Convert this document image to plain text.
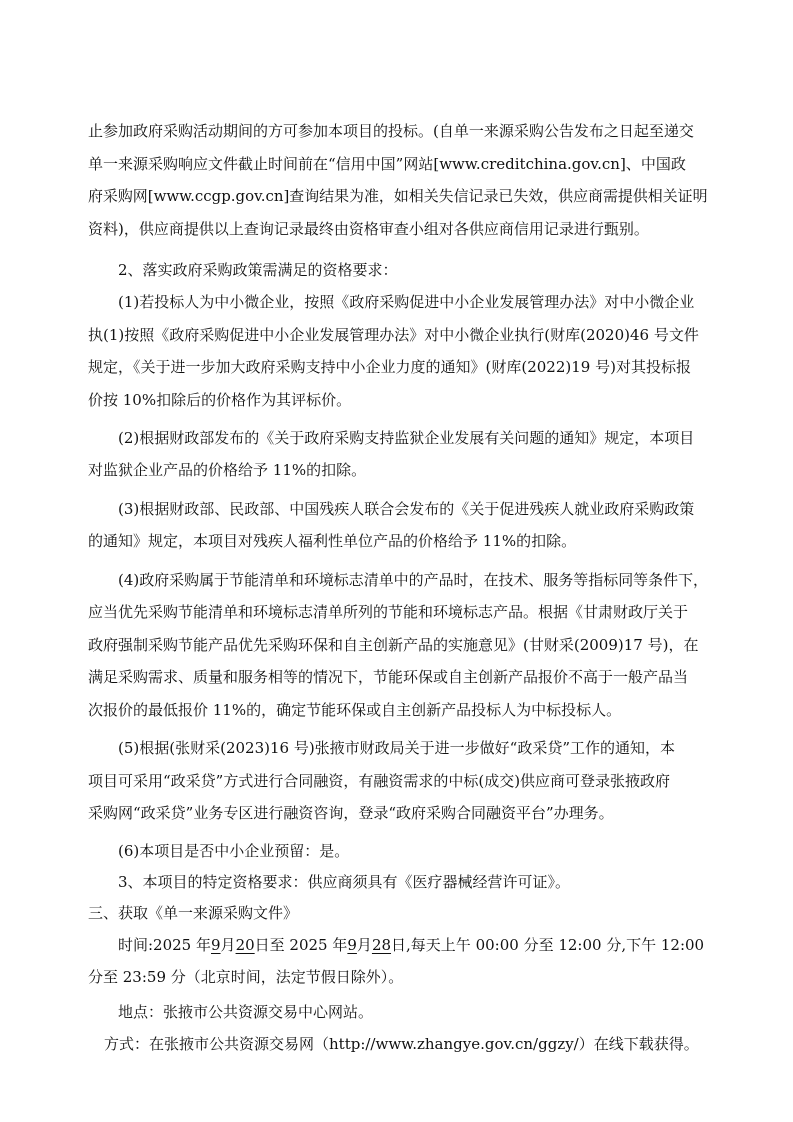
止参加政府采购活动期间的方可参加本项目的投标。(自单一来源采购公告发布之日起至递交
单一来源采购响应文件截止时间前在“信用中国”网站[www.creditchina.gov.cn]、中国政
府采购网[www.ccgp.gov.cn]查询结果为准，如相关失信记录已失效，供应商需提供相关证明
资料)，供应商提供以上查询记录最终由资格审查小组对各供应商信用记录进行甄别。
2、落实政府采购政策需满足的资格要求：
(1)若投标人为中小微企业，按照《政府采购促进中小企业发展管理办法》对中小微企业
执(1)按照《政府采购促进中小企业发展管理办法》对中小微企业执行(财库(2020)46 号文件
规定，《关于进一步加大政府采购支持中小企业力度的通知》(财库(2022)19 号)对其投标报
价按 10%扣除后的价格作为其评标价。
(2)根据财政部发布的《关于政府采购支持监狱企业发展有关问题的通知》规定，本项目
对监狱企业产品的价格给予 11%的扣除。
(3)根据财政部、民政部、中国残疾人联合会发布的《关于促进残疾人就业政府采购政策
的通知》规定，本项目对残疾人福利性单位产品的价格给予 11%的扣除。
(4)政府采购属于节能清单和环境标志清单中的产品时，在技术、服务等指标同等条件下，
应当优先采购节能清单和环境标志清单所列的节能和环境标志产品。根据《甘肃财政厅关于
政府强制采购节能产品优先采购环保和自主创新产品的实施意见》(甘财采(2009)17 号)，在
满足采购需求、质量和服务相等的情况下，节能环保或自主创新产品报价不高于一般产品当
次报价的最低报价 11%的，确定节能环保或自主创新产品投标人为中标投标人。
(5)根据(张财采(2023)16 号)张掖市财政局关于进一步做好“政采贷”工作的通知，本
项目可采用“政采贷”方式进行合同融资，有融资需求的中标(成交)供应商可登录张掖政府
采购网“政采贷”业务专区进行融资咨询，登录“政府采购合同融资平台”办理务。
(6)本项目是否中小企业预留：是。
3、本项目的特定资格要求：供应商须具有《医疗器械经营许可证》。
三、获取《单一来源采购文件》
时间:2025 年9月20日至 2025 年9月28日,每天上午 00:00 分至 12:00 分,下午 12:00
分至 23:59 分（北京时间，法定节假日除外）。
地点：张掖市公共资源交易中心网站。
方式：在张掖市公共资源交易网（http://www.zhangye.gov.cn/ggzy/）在线下载获得。
